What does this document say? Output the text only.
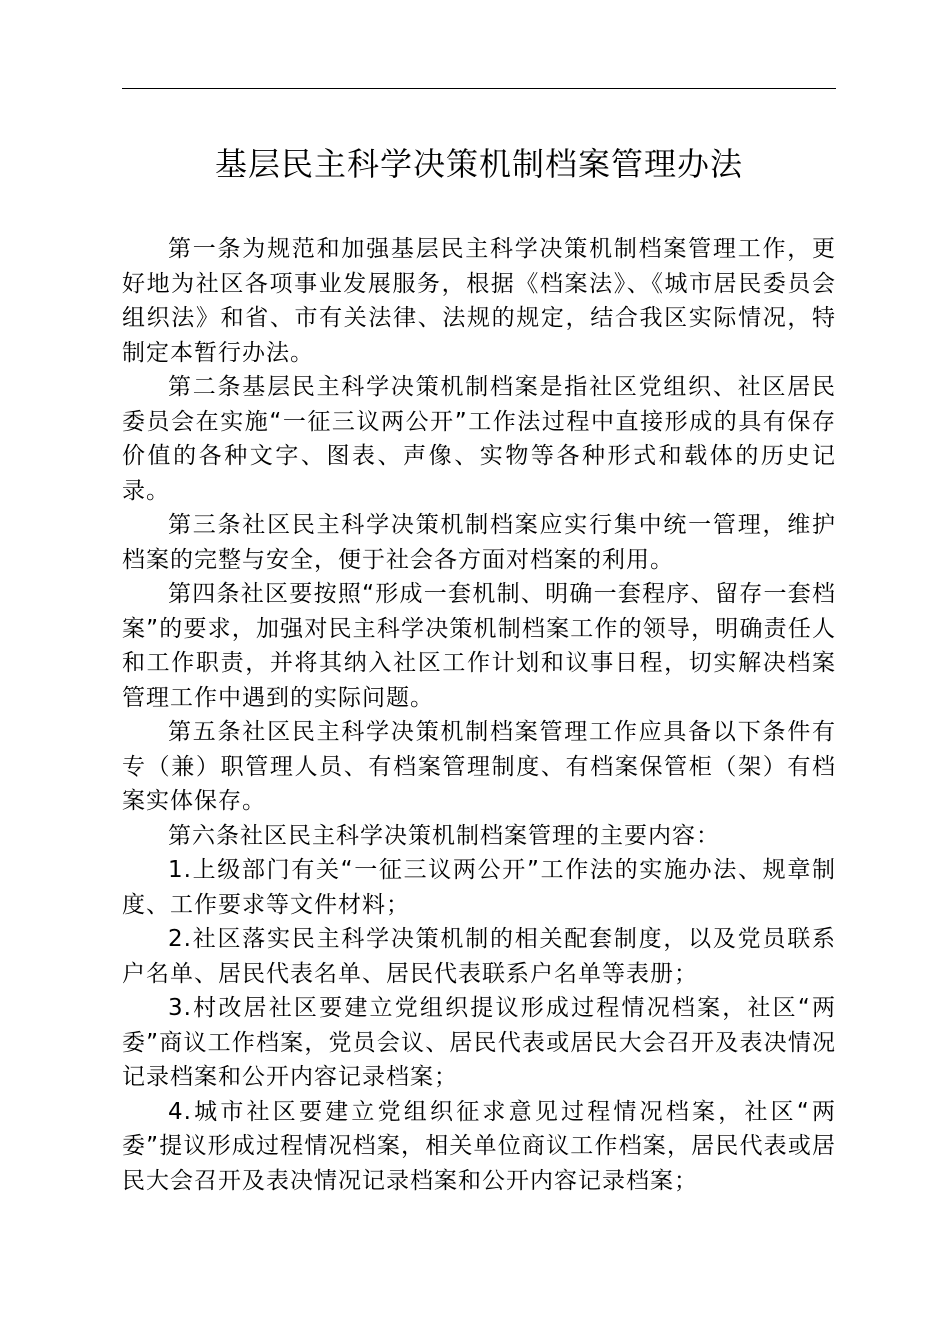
基层民主科学决策机制档案管理办法

第一条为规范和加强基层民主科学决策机制档案管理工作，更好地为社区各项事业发展服务，根据《档案法》、《城市居民委员会组织法》和省、市有关法律、法规的规定，结合我区实际情况，特制定本暂行办法。

第二条基层民主科学决策机制档案是指社区党组织、社区居民委员会在实施“一征三议两公开”工作法过程中直接形成的具有保存价值的各种文字、图表、声像、实物等各种形式和载体的历史记录。

第三条社区民主科学决策机制档案应实行集中统一管理，维护档案的完整与安全，便于社会各方面对档案的利用。

第四条社区要按照“形成一套机制、明确一套程序、留存一套档案”的要求，加强对民主科学决策机制档案工作的领导，明确责任人和工作职责，并将其纳入社区工作计划和议事日程，切实解决档案管理工作中遇到的实际问题。

第五条社区民主科学决策机制档案管理工作应具备以下条件有专（兼）职管理人员、有档案管理制度、有档案保管柜（架）有档案实体保存。

第六条社区民主科学决策机制档案管理的主要内容：

1.上级部门有关“一征三议两公开”工作法的实施办法、规章制度、工作要求等文件材料；

2.社区落实民主科学决策机制的相关配套制度，以及党员联系户名单、居民代表名单、居民代表联系户名单等表册；

3.村改居社区要建立党组织提议形成过程情况档案，社区“两委”商议工作档案，党员会议、居民代表或居民大会召开及表决情况记录档案和公开内容记录档案；

4.城市社区要建立党组织征求意见过程情况档案，社区“两委”提议形成过程情况档案，相关单位商议工作档案，居民代表或居民大会召开及表决情况记录档案和公开内容记录档案；
